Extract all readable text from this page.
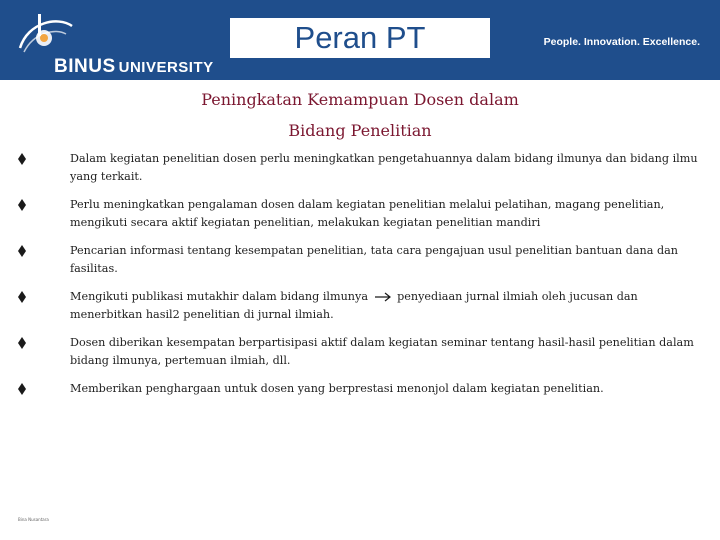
BINUS UNIVERSITY
Peran PT	People. Innovation. Excellence.
Peningkatan Kemampuan Dosen dalam
Bidang Penelitian
Dalam kegiatan penelitian dosen perlu meningkatkan pengetahuannya dalam bidang ilmunya dan bidang ilmu yang terkait.
Perlu meningkatkan pengalaman dosen dalam kegiatan penelitian melalui pelatihan, magang penelitian, mengikuti secara aktif kegiatan penelitian, melakukan kegiatan penelitian mandiri
Pencarian informasi tentang kesempatan penelitian, tata cara pengajuan usul penelitian bantuan dana dan fasilitas.
Mengikuti publikasi mutakhir dalam bidang ilmunya	penyediaan jurnal ilmiah oleh jucusan dan menerbitkan hasil2 penelitian di jurnal ilmiah.
Dosen diberikan kesempatan berpartisipasi aktif dalam kegiatan seminar tentang hasil-hasil penelitian dalam bidang ilmunya, pertemuan ilmiah, dll.
Memberikan penghargaan untuk dosen yang berprestasi menonjol dalam kegiatan penelitian.
Bina Nusantara
